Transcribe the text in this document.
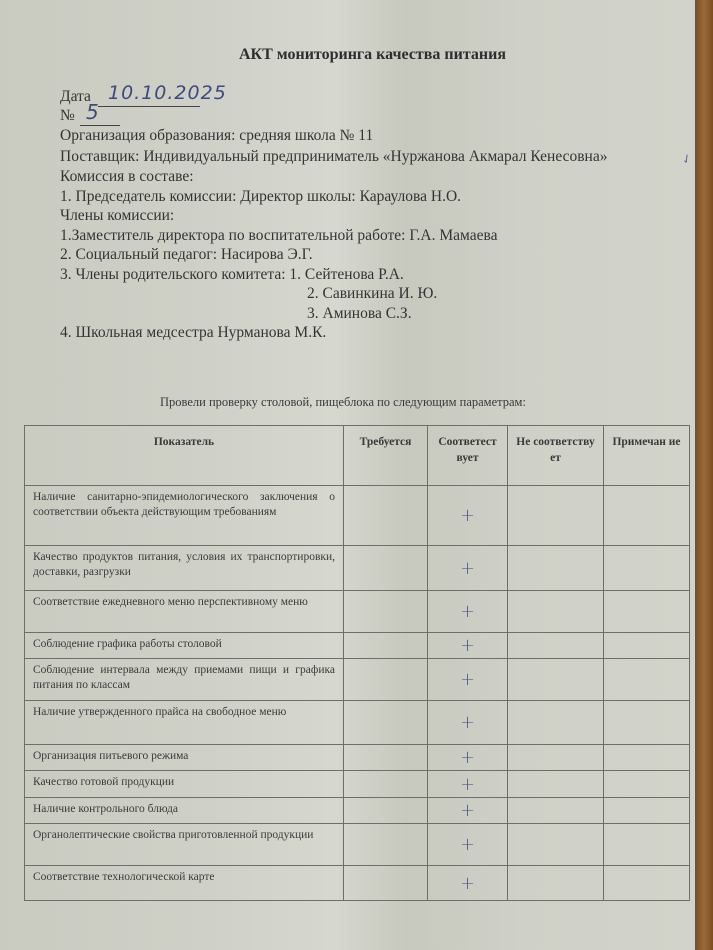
АКТ мониторинга качества питания
Дата 10.10.2025
№ 5
Организация образования: средняя школа № 11
Поставщик: Индивидуальный предприниматель «Нуржанова Акмарал Кенесовна»	✓
Комиссия в составе:
1. Председатель комиссии: Директор школы: Караулова Н.О.
Члены комиссии:
1.Заместитель директора по воспитательной работе: Г.А. Мамаева
2. Социальный педагог: Насирова Э.Г.
3. Члены родительского комитета: 1. Сейтенова Р.А.
2. Савинкина И. Ю.
3. Аминова С.З.
4. Школьная медсестра Нурманова М.К.
Провели проверку столовой, пищеблока по следующим параметрам:
Показатель	Требуется	Соответест вует	Не соответству ет	Примечан ие
Наличие санитарно-эпидемиологического заключения о соответствии объекта действующим требованиям		+		
Качество продуктов питания, условия их транспортировки, доставки, разгрузки		+		
Соответствие ежедневного меню перспективному меню		+		
Соблюдение графика работы столовой		+		
Соблюдение интервала между приемами пищи и графика питания по классам		+		
Наличие утвержденного прайса на свободное меню		+		
Организация питьевого режима		+		
Качество готовой продукции		+		
Наличие контрольного блюда		+		
Органолептические свойства приготовленной продукции		+		
Соответствие технологической карте		+		
